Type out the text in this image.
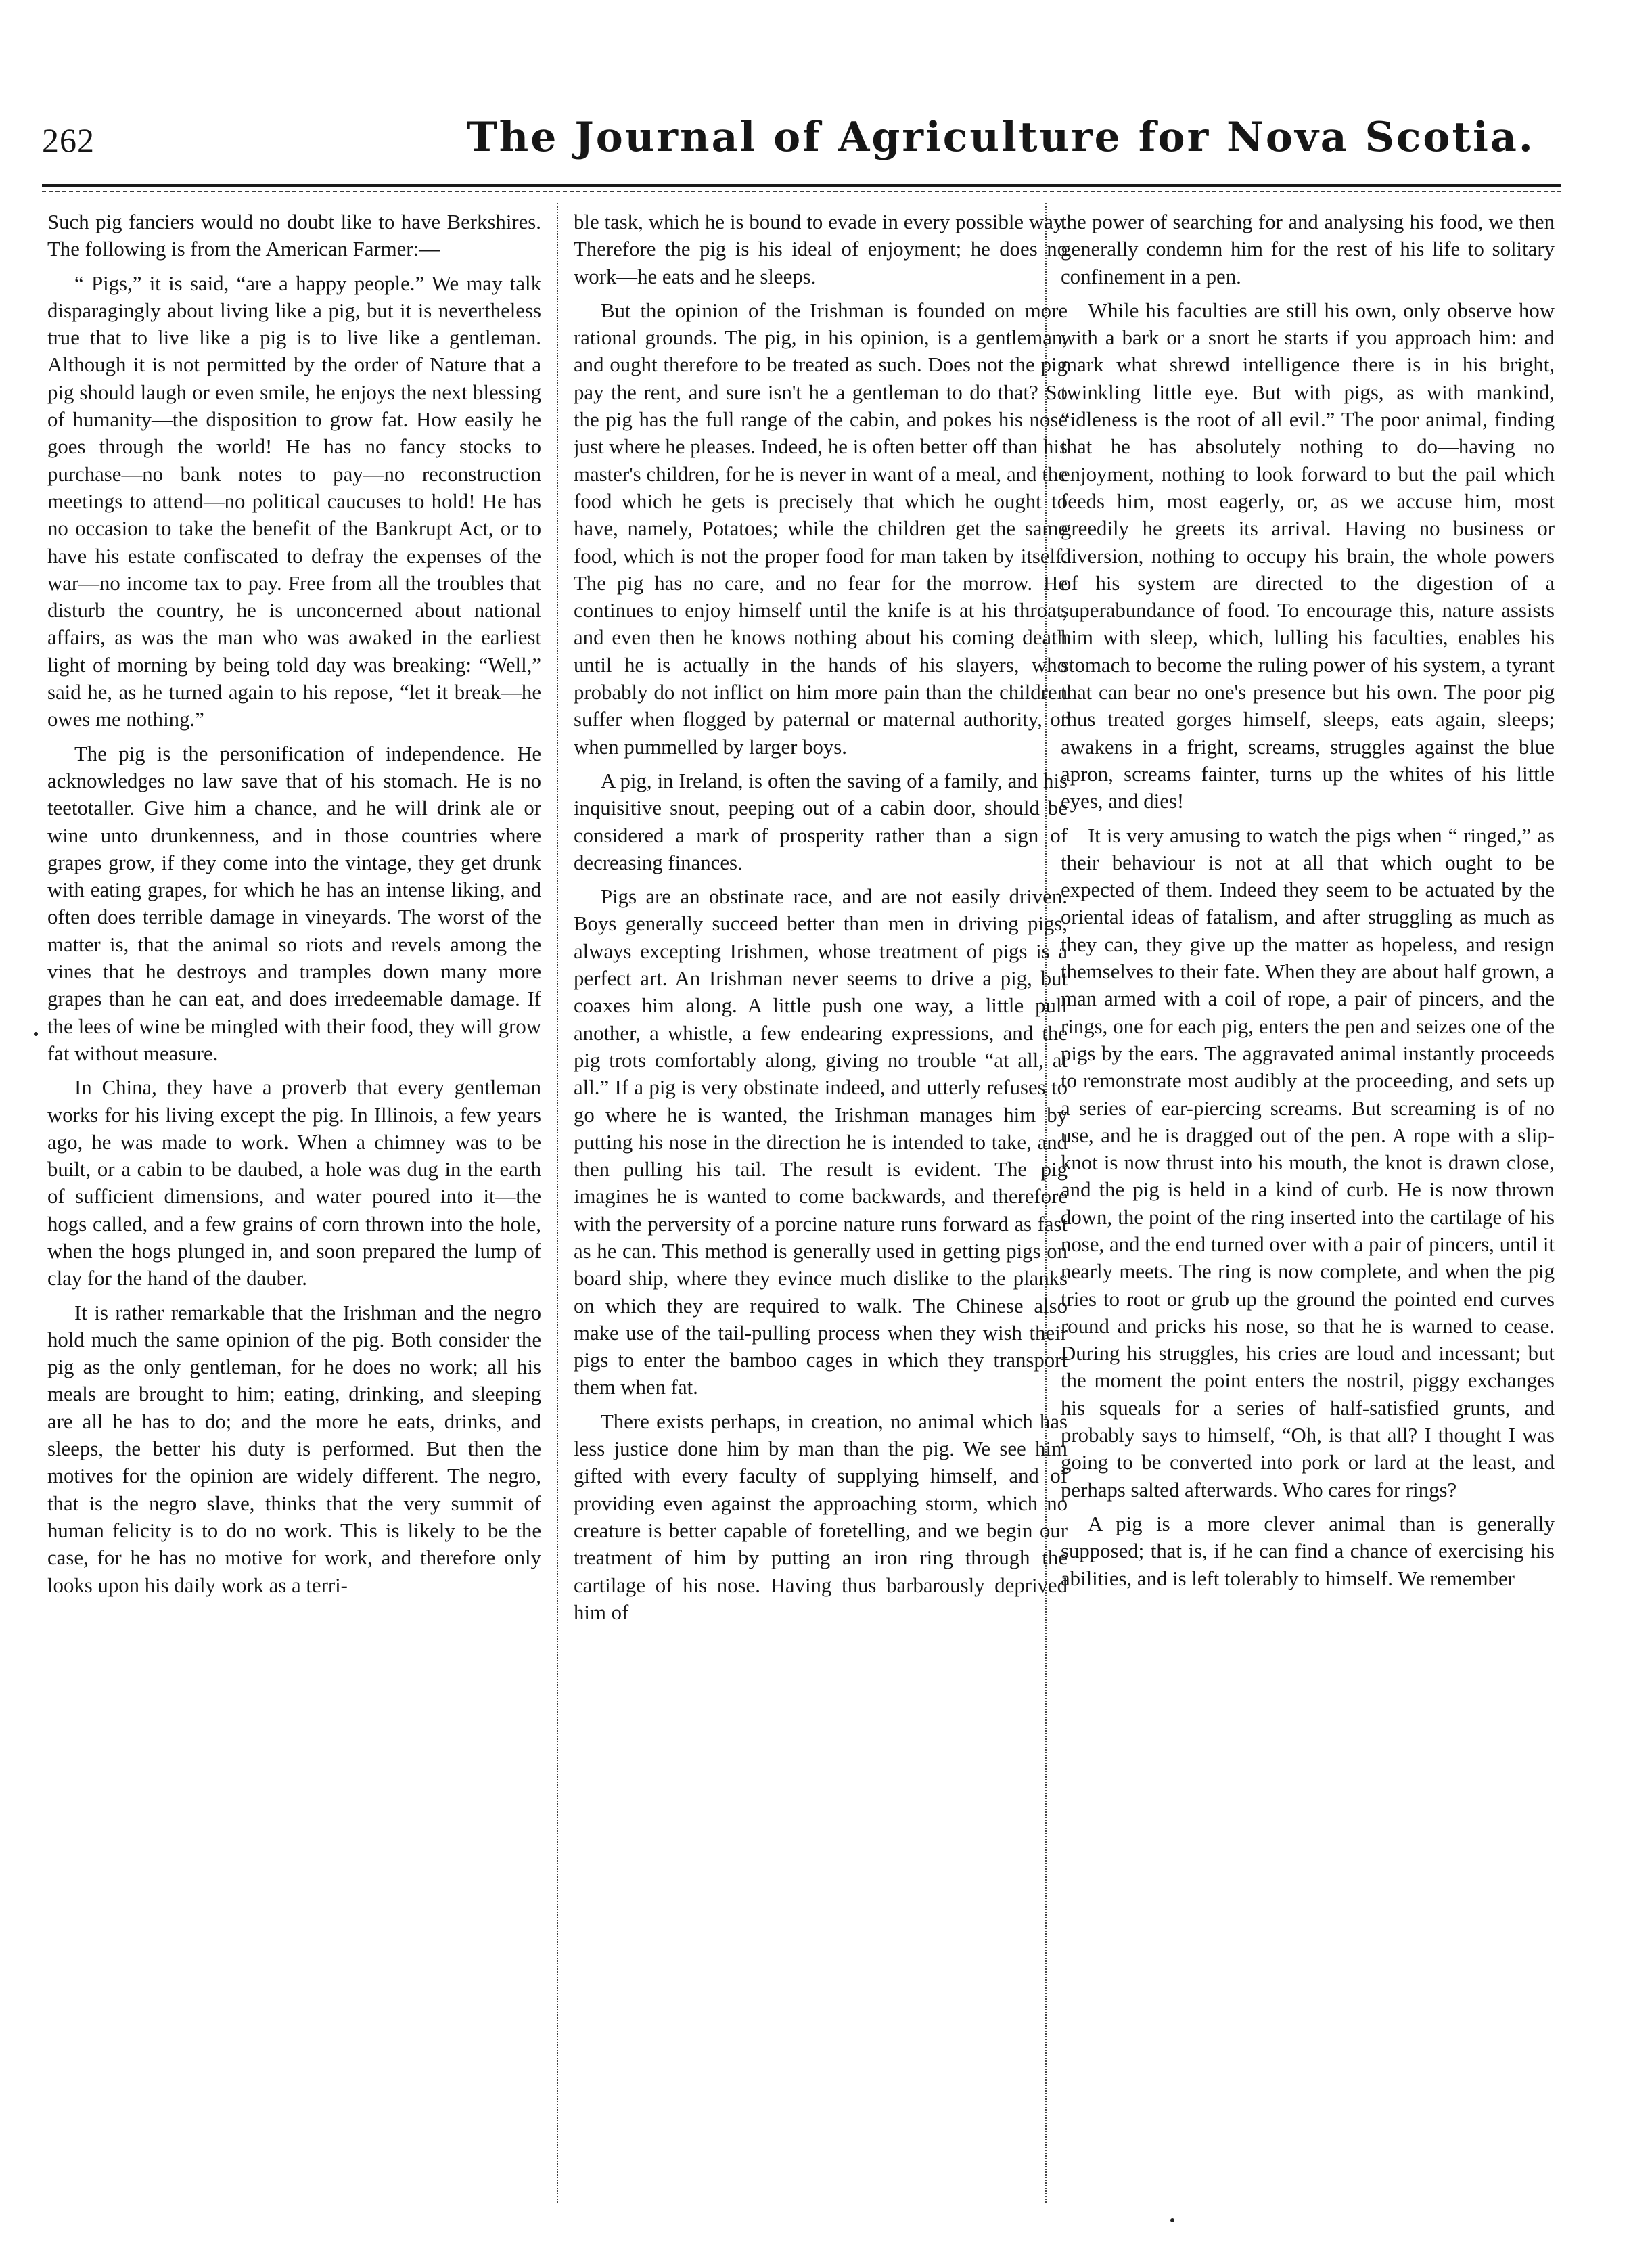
262	The Journal of Agriculture for Nova Scotia.

Such pig fanciers would no doubt like to have Berkshires. The following is from the American Farmer:—

“ Pigs,” it is said, “are a happy people.” We may talk disparagingly about living like a pig, but it is nevertheless true that to live like a pig is to live like a gentleman. Although it is not permitted by the order of Nature that a pig should laugh or even smile, he enjoys the next blessing of humanity—the disposition to grow fat. How easily he goes through the world! He has no fancy stocks to purchase—no bank notes to pay—no reconstruction meetings to attend—no political caucuses to hold! He has no occasion to take the benefit of the Bankrupt Act, or to have his estate confiscated to defray the expenses of the war—no income tax to pay. Free from all the troubles that disturb the country, he is unconcerned about national affairs, as was the man who was awaked in the earliest light of morning by being told day was breaking: “Well,” said he, as he turned again to his repose, “let it break—he owes me nothing.”

The pig is the personification of independence. He acknowledges no law save that of his stomach. He is no teetotaller. Give him a chance, and he will drink ale or wine unto drunkenness, and in those countries where grapes grow, if they come into the vintage, they get drunk with eating grapes, for which he has an intense liking, and often does terrible damage in vineyards. The worst of the matter is, that the animal so riots and revels among the vines that he destroys and tramples down many more grapes than he can eat, and does irredeemable damage. If the lees of wine be mingled with their food, they will grow fat without measure.

In China, they have a proverb that every gentleman works for his living except the pig. In Illinois, a few years ago, he was made to work. When a chimney was to be built, or a cabin to be daubed, a hole was dug in the earth of sufficient dimensions, and water poured into it—the hogs called, and a few grains of corn thrown into the hole, when the hogs plunged in, and soon prepared the lump of clay for the hand of the dauber.

It is rather remarkable that the Irishman and the negro hold much the same opinion of the pig. Both consider the pig as the only gentleman, for he does no work; all his meals are brought to him; eating, drinking, and sleeping are all he has to do; and the more he eats, drinks, and sleeps, the better his duty is performed. But then the motives for the opinion are widely different. The negro, that is the negro slave, thinks that the very summit of human felicity is to do no work. This is likely to be the case, for he has no motive for work, and therefore only looks upon his daily work as a terri-

ble task, which he is bound to evade in every possible way. Therefore the pig is his ideal of enjoyment; he does no work—he eats and he sleeps.

But the opinion of the Irishman is founded on more rational grounds. The pig, in his opinion, is a gentleman, and ought therefore to be treated as such. Does not the pig pay the rent, and sure isn't he a gentleman to do that? So the pig has the full range of the cabin, and pokes his nose just where he pleases. Indeed, he is often better off than his master's children, for he is never in want of a meal, and the food which he gets is precisely that which he ought to have, namely, Potatoes; while the children get the same food, which is not the proper food for man taken by itself. The pig has no care, and no fear for the morrow. He continues to enjoy himself until the knife is at his throat, and even then he knows nothing about his coming death until he is actually in the hands of his slayers, who probably do not inflict on him more pain than the children suffer when flogged by paternal or maternal authority, or when pummelled by larger boys.

A pig, in Ireland, is often the saving of a family, and his inquisitive snout, peeping out of a cabin door, should be considered a mark of prosperity rather than a sign of decreasing finances.

Pigs are an obstinate race, and are not easily driven. Boys generally succeed better than men in driving pigs, always excepting Irishmen, whose treatment of pigs is a perfect art. An Irishman never seems to drive a pig, but coaxes him along. A little push one way, a little pull another, a whistle, a few endearing expressions, and the pig trots comfortably along, giving no trouble “at all, at all.” If a pig is very obstinate indeed, and utterly refuses to go where he is wanted, the Irishman manages him by putting his nose in the direction he is intended to take, and then pulling his tail. The result is evident. The pig imagines he is wanted to come backwards, and therefore with the perversity of a porcine nature runs forward as fast as he can. This method is generally used in getting pigs on board ship, where they evince much dislike to the planks on which they are required to walk. The Chinese also make use of the tail-pulling process when they wish their pigs to enter the bamboo cages in which they transport them when fat.

There exists perhaps, in creation, no animal which has less justice done him by man than the pig. We see him gifted with every faculty of supplying himself, and of providing even against the approaching storm, which no creature is better capable of foretelling, and we begin our treatment of him by putting an iron ring through the cartilage of his nose. Having thus barbarously deprived him of

the power of searching for and analysing his food, we then generally condemn him for the rest of his life to solitary confinement in a pen.

While his faculties are still his own, only observe how with a bark or a snort he starts if you approach him: and mark what shrewd intelligence there is in his bright, twinkling little eye. But with pigs, as with mankind, “idleness is the root of all evil.” The poor animal, finding that he has absolutely nothing to do—having no enjoyment, nothing to look forward to but the pail which feeds him, most eagerly, or, as we accuse him, most greedily he greets its arrival. Having no business or diversion, nothing to occupy his brain, the whole powers of his system are directed to the digestion of a superabundance of food. To encourage this, nature assists him with sleep, which, lulling his faculties, enables his stomach to become the ruling power of his system, a tyrant that can bear no one's presence but his own. The poor pig thus treated gorges himself, sleeps, eats again, sleeps; awakens in a fright, screams, struggles against the blue apron, screams fainter, turns up the whites of his little eyes, and dies!

It is very amusing to watch the pigs when “ ringed,” as their behaviour is not at all that which ought to be expected of them. Indeed they seem to be actuated by the oriental ideas of fatalism, and after struggling as much as they can, they give up the matter as hopeless, and resign themselves to their fate. When they are about half grown, a man armed with a coil of rope, a pair of pincers, and the rings, one for each pig, enters the pen and seizes one of the pigs by the ears. The aggravated animal instantly proceeds to remonstrate most audibly at the proceeding, and sets up a series of ear-piercing screams. But screaming is of no use, and he is dragged out of the pen. A rope with a slip-knot is now thrust into his mouth, the knot is drawn close, and the pig is held in a kind of curb. He is now thrown down, the point of the ring inserted into the cartilage of his nose, and the end turned over with a pair of pincers, until it nearly meets. The ring is now complete, and when the pig tries to root or grub up the ground the pointed end curves round and pricks his nose, so that he is warned to cease. During his struggles, his cries are loud and incessant; but the moment the point enters the nostril, piggy exchanges his squeals for a series of half-satisfied grunts, and probably says to himself, “Oh, is that all? I thought I was going to be converted into pork or lard at the least, and perhaps salted afterwards. Who cares for rings?

A pig is a more clever animal than is generally supposed; that is, if he can find a chance of exercising his abilities, and is left tolerably to himself. We remember
